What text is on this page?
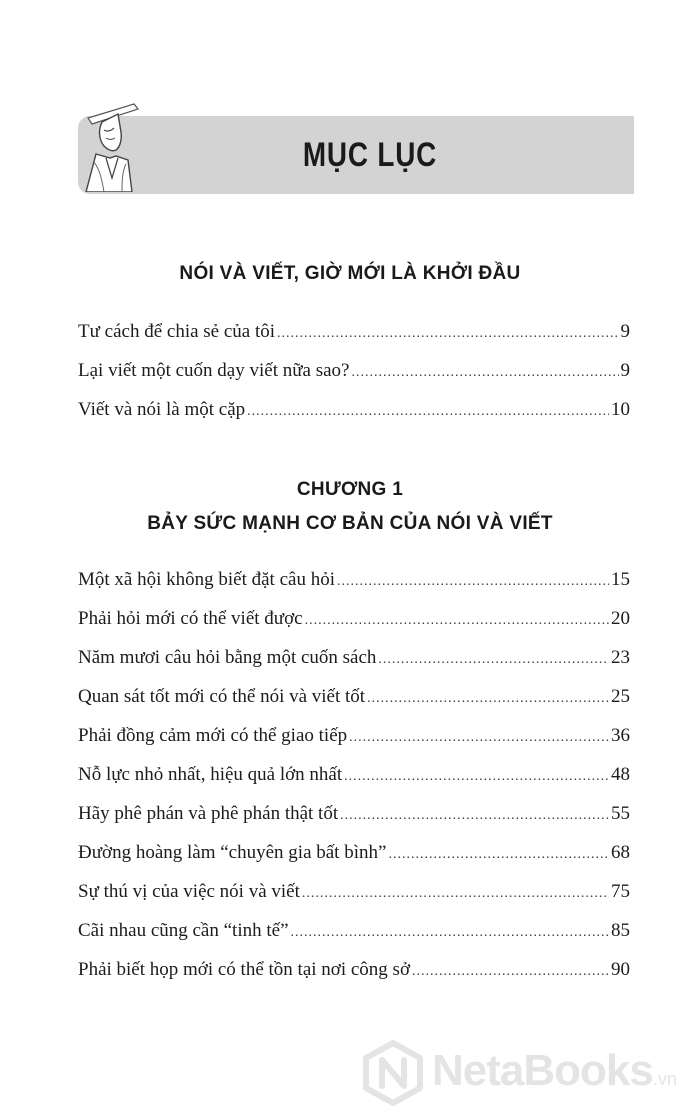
MỤC LỤC
NÓI VÀ VIẾT, GIỜ MỚI LÀ KHỞI ĐẦU
Tư cách để chia sẻ của tôi .....	9
Lại viết một cuốn dạy viết nữa sao? .....	9
Viết và nói là một cặp .....	10
CHƯƠNG 1
BẢY SỨC MẠNH CƠ BẢN CỦA NÓI VÀ VIẾT
Một xã hội không biết đặt câu hỏi .....	15
Phải hỏi mới có thể viết được .....	20
Năm mươi câu hỏi bằng một cuốn sách .....	23
Quan sát tốt mới có thể nói và viết tốt .....	25
Phải đồng cảm mới có thể giao tiếp .....	36
Nỗ lực nhỏ nhất, hiệu quả lớn nhất .....	48
Hãy phê phán và phê phán thật tốt .....	55
Đường hoàng làm “chuyên gia bất bình” .....	68
Sự thú vị của việc nói và viết .....	75
Cãi nhau cũng cần “tinh tế” .....	85
Phải biết họp mới có thể tồn tại nơi công sở .....	90
NetaBooks.vn
